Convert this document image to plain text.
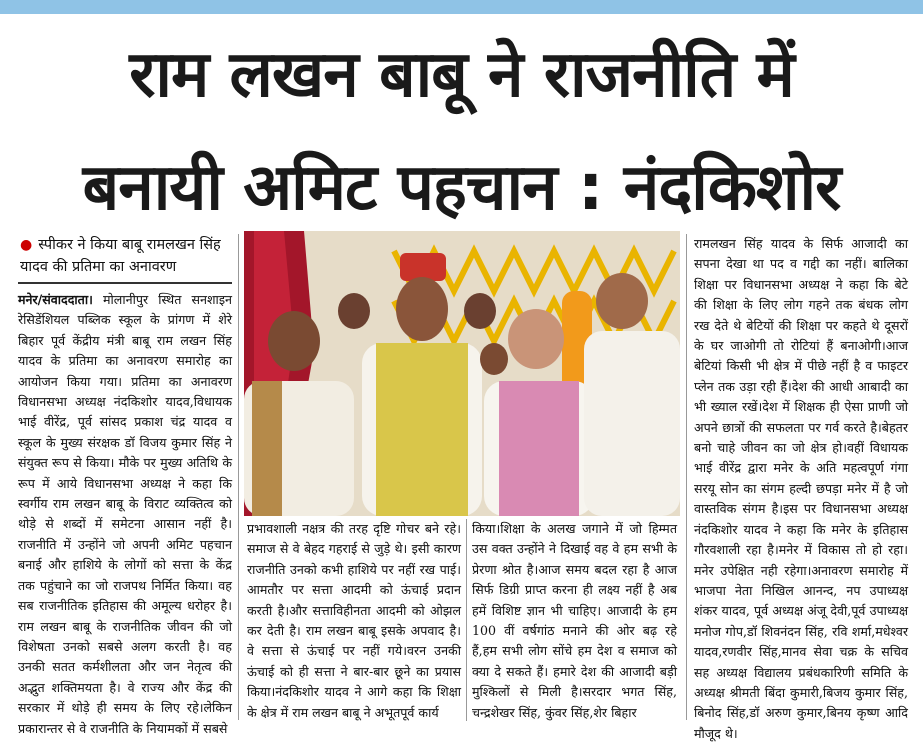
राम लखन बाबू ने राजनीति में
बनायी अमिट पहचान : नंदकिशोर
● स्पीकर ने किया बाबू रामलखन सिंह यादव की प्रतिमा का अनावरण

मनेर/संवाददाता। मोलानीपुर स्थित सनशाइन रेसिडेंशियल पब्लिक स्कूल के प्रांगण में शेरे बिहार पूर्व केंद्रीय मंत्री बाबू राम लखन सिंह यादव के प्रतिमा का अनावरण समारोह का आयोजन किया गया। प्रतिमा का अनावरण विधानसभा अध्यक्ष नंदकिशोर यादव,विधायक भाई वीरेंद्र, पूर्व सांसद प्रकाश चंद्र यादव व स्कूल के मुख्य संरक्षक डॉ विजय कुमार सिंह ने संयुक्त रूप से किया। मौके पर मुख्य अतिथि के रूप में आये विधानसभा अध्यक्ष ने कहा कि स्वर्गीय राम लखन बाबू के विराट व्यक्तित्व को थोड़े से शब्दों में समेटना आसान नहीं है। राजनीति में उन्होंने जो अपनी अमिट पहचान बनाई और हाशिये के लोगों को सत्ता के केंद्र तक पहुंचाने का जो राजपथ निर्मित किया। वह सब राजनीतिक इतिहास की अमूल्य धरोहर है। राम लखन बाबू के राजनीतिक जीवन की जो विशेषता उनको सबसे अलग करती है। वह उनकी सतत कर्मशीलता और जन नेतृत्व की अद्भुत शक्तिमयता है। वे राज्य और केंद्र की सरकार में थोड़े ही समय के लिए रहे।लेकिन प्रकारान्तर से वे राजनीति के नियामकों में सबसे

प्रभावशाली नक्षत्र की तरह दृष्टि गोचर बने रहे। समाज से वे बेहद गहराई से जुड़े थे। इसी कारण राजनीति उनको कभी हाशिये पर नहीं रख पाई। आमतौर पर सत्ता आदमी को ऊंचाई प्रदान करती है।और सत्ताविहीनता आदमी को ओझल कर देती है। राम लखन बाबू इसके अपवाद है। वे सत्ता से ऊंचाई पर नहीं गये।वरन उनकी ऊंचाई को ही सत्ता ने बार-बार छूने का प्रयास किया।नंदकिशोर यादव ने आगे कहा कि शिक्षा के क्षेत्र में राम लखन बाबू ने अभूतपूर्व कार्य

किया।शिक्षा के अलख जगाने में जो हिम्मत उस वक्त उन्होंने ने दिखाई वह वे हम सभी के प्रेरणा श्रोत है।आज समय बदल रहा है आज सिर्फ डिग्री प्राप्त करना ही लक्ष्य नहीं है अब हमें विशिष्ट ज्ञान भी चाहिए। आजादी के हम 100 वीं वर्षगांठ मनाने की ओर बढ़ रहे हैं,हम सभी लोग सोंचे हम देश व समाज को क्या दे सकते हैं। हमारे देश की आजादी बड़ी मुश्किलों से मिली है।सरदार भगत सिंह, चन्द्रशेखर सिंह, कुंवर सिंह,शेर बिहार

रामलखन सिंह यादव के सिर्फ आजादी का सपना देखा था पद व गद्दी का नहीं। बालिका शिक्षा पर विधानसभा अध्यक्ष ने कहा कि बेटे की शिक्षा के लिए लोग गहने तक बंधक लोग रख देते थे बेटियों की शिक्षा पर कहते थे दूसरों के घर जाओगी तो रोटियां हैं बनाओगी।आज बेटियां किसी भी क्षेत्र में पीछे नहीं है व फाइटर प्लेन तक उड़ा रही हैं।देश की आधी आबादी का भी ख्याल रखें।देश में शिक्षक ही ऐसा प्राणी जो अपने छात्रों की सफलता पर गर्व करते है।बेहतर बनो चाहे जीवन का जो क्षेत्र हो।वहीं विधायक भाई वीरेंद्र द्वारा मनेर के अति महत्वपूर्ण गंगा सरयू सोन का संगम हल्दी छपड़ा मनेर में है जो वास्तविक संगम है।इस पर विधानसभा अध्यक्ष नंदकिशोर यादव ने कहा कि मनेर के इतिहास गौरवशाली रहा है।मनेर में विकास तो हो रहा।मनेर उपेक्षित नही रहेगा।अनावरण समारोह में भाजपा नेता निखिल आनन्द, नप उपाध्यक्ष शंकर यादव, पूर्व अध्यक्ष अंजू देवी,पूर्व उपाध्यक्ष मनोज गोप,डॉ शिवनंदन सिंह, रवि शर्मा,मधेश्वर यादव,रणवीर सिंह,मानव सेवा चक्र के सचिव सह अध्यक्ष विद्यालय प्रबंधकारिणी समिति के अध्यक्ष श्रीमती बिंदा कुमारी,बिजय कुमार सिंह, बिनोद सिंह,डॉ अरुण कुमार,बिनय कृष्ण आदि मौजूद थे।
